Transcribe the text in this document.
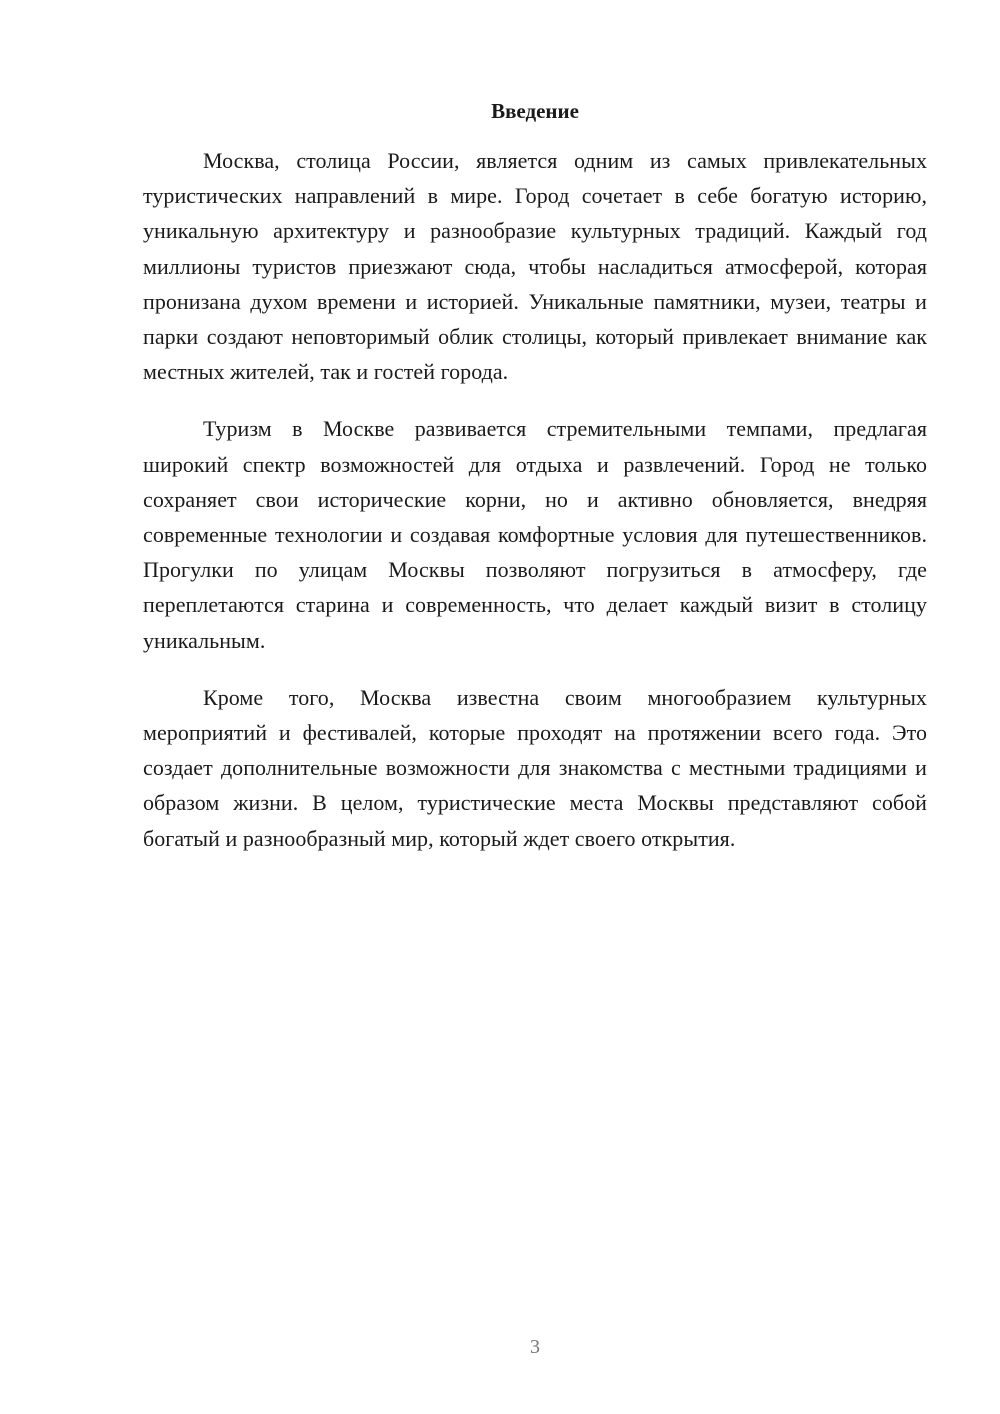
Введение

Москва, столица России, является одним из самых привлекательных туристических направлений в мире. Город сочетает в себе богатую историю, уникальную архитектуру и разнообразие культурных традиций. Каждый год миллионы туристов приезжают сюда, чтобы насладиться атмосферой, которая пронизана духом времени и историей. Уникальные памятники, музеи, театры и парки создают неповторимый облик столицы, который привлекает внимание как местных жителей, так и гостей города.

Туризм в Москве развивается стремительными темпами, предлагая широкий спектр возможностей для отдыха и развлечений. Город не только сохраняет свои исторические корни, но и активно обновляется, внедряя современные технологии и создавая комфортные условия для путешественников. Прогулки по улицам Москвы позволяют погрузиться в атмосферу, где переплетаются старина и современность, что делает каждый визит в столицу уникальным.

Кроме того, Москва известна своим многообразием культурных мероприятий и фестивалей, которые проходят на протяжении всего года. Это создает дополнительные возможности для знакомства с местными традициями и образом жизни. В целом, туристические места Москвы представляют собой богатый и разнообразный мир, который ждет своего открытия.

3
